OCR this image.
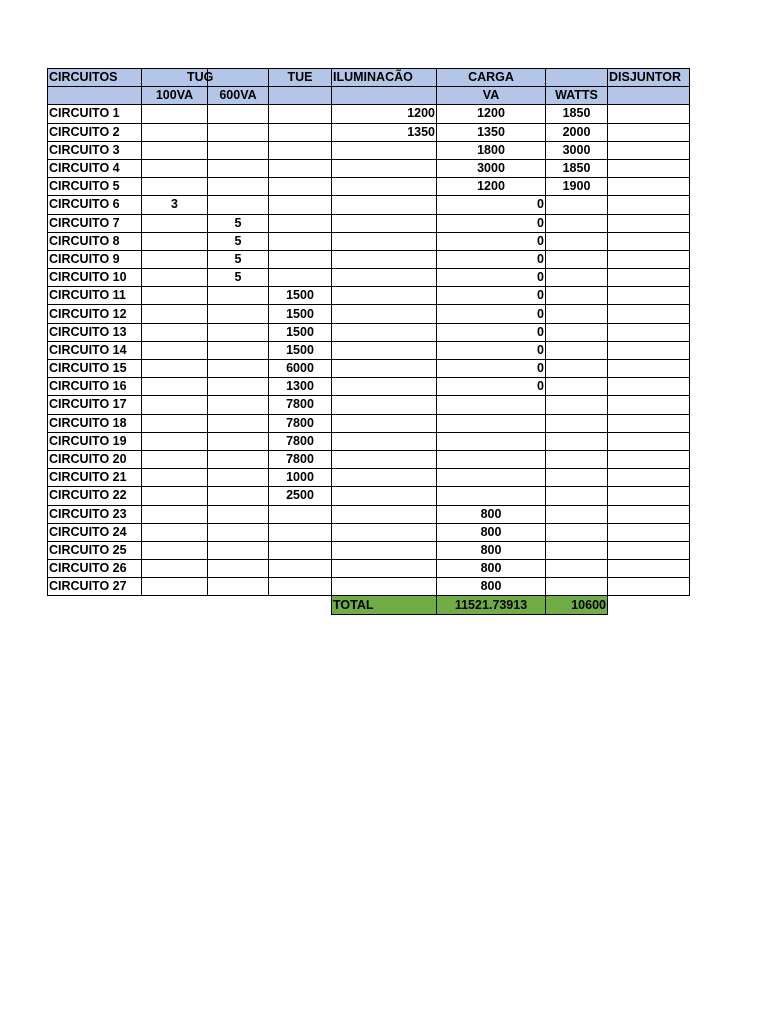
CIRCUITOS	TUG		TUE	ILUMINACÃO	CARGA		DISJUNTOR
	100VA	600VA			VA	WATTS	
CIRCUITO 1				1200	1200	1850	
CIRCUITO 2				1350	1350	2000	
CIRCUITO 3					1800	3000	
CIRCUITO 4					3000	1850	
CIRCUITO 5					1200	1900	
CIRCUITO 6	3				0		
CIRCUITO 7		5			0		
CIRCUITO 8		5			0		
CIRCUITO 9		5			0		
CIRCUITO 10		5			0		
CIRCUITO 11			1500		0		
CIRCUITO 12			1500		0		
CIRCUITO 13			1500		0		
CIRCUITO 14			1500		0		
CIRCUITO 15			6000		0		
CIRCUITO 16			1300		0		
CIRCUITO 17			7800				
CIRCUITO 18			7800				
CIRCUITO 19			7800				
CIRCUITO 20			7800				
CIRCUITO 21			1000				
CIRCUITO 22			2500				
CIRCUITO 23					800		
CIRCUITO 24					800		
CIRCUITO 25					800		
CIRCUITO 26					800		
CIRCUITO 27					800		
				TOTAL	11521.73913	10600	
